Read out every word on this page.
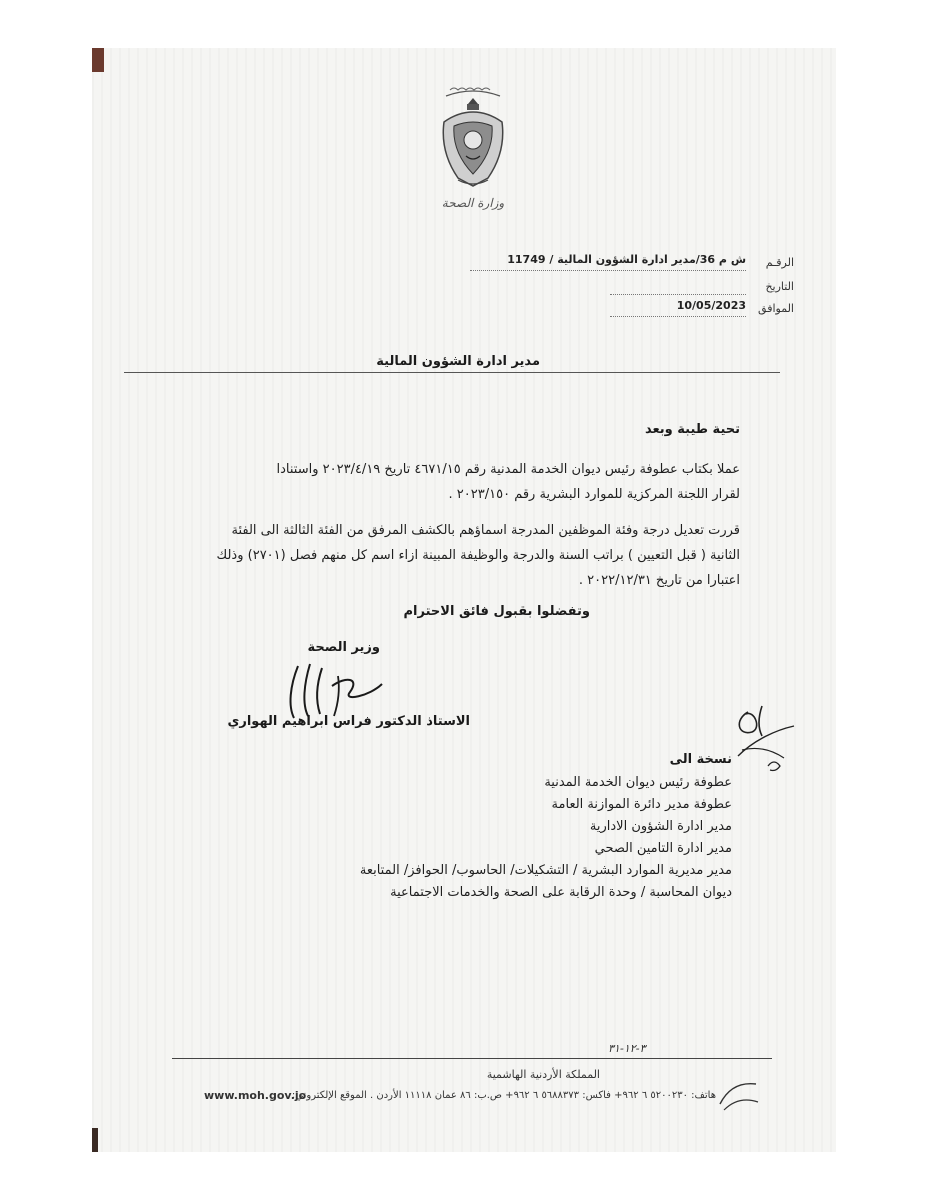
وزارة الصحة
الرقـم
ش م 36/مدير ادارة الشؤون المالية / 11749
التاريخ
الموافق
10/05/2023
مدير ادارة الشؤون المالية
تحية طيبة وبعد
عملا بكتاب عطوفة رئيس ديوان الخدمة المدنية رقم ٤٦٧١/١٥ تاريخ ٢٠٢٣/٤/١٩ واستنادا
لقرار اللجنة المركزية للموارد البشرية رقم ٢٠٢٣/١٥٠ .
قررت تعديل درجة وفئة الموظفين المدرجة اسماؤهم بالكشف المرفق من الفئة الثالثة الى الفئة
الثانية ( قبل التعيين ) براتب السنة والدرجة والوظيفة المبينة ازاء اسم كل منهم فصل (٢٧٠١) وذلك
اعتبارا من تاريخ ٢٠٢٢/١٢/٣١ .
وتفضلوا بقبول فائق الاحترام
وزير الصحة
الاستاذ الدكتور فراس ابراهيم الهواري
نسخة الى
عطوفة رئيس ديوان الخدمة المدنية
عطوفة مدير دائرة الموازنة العامة
مدير ادارة الشؤون الادارية
مدير ادارة التامين الصحي
مدير مديرية الموارد البشرية / التشكيلات/ الحاسوب/ الحوافز/ المتابعة
ديوان المحاسبة / وحدة الرقابة على الصحة والخدمات الاجتماعية
٣-١٢-٣١
المملكة الأردنية الهاشمية
هاتف: ٥٢٠٠٢٣٠ ٦ ٩٦٢+ فاكس: ٥٦٨٨٣٧٣ ٦ ٩٦٢+ ص.ب: ٨٦ عمان ١١١١٨ الأردن . الموقع الإلكتروني:
www.moh.gov.jo
